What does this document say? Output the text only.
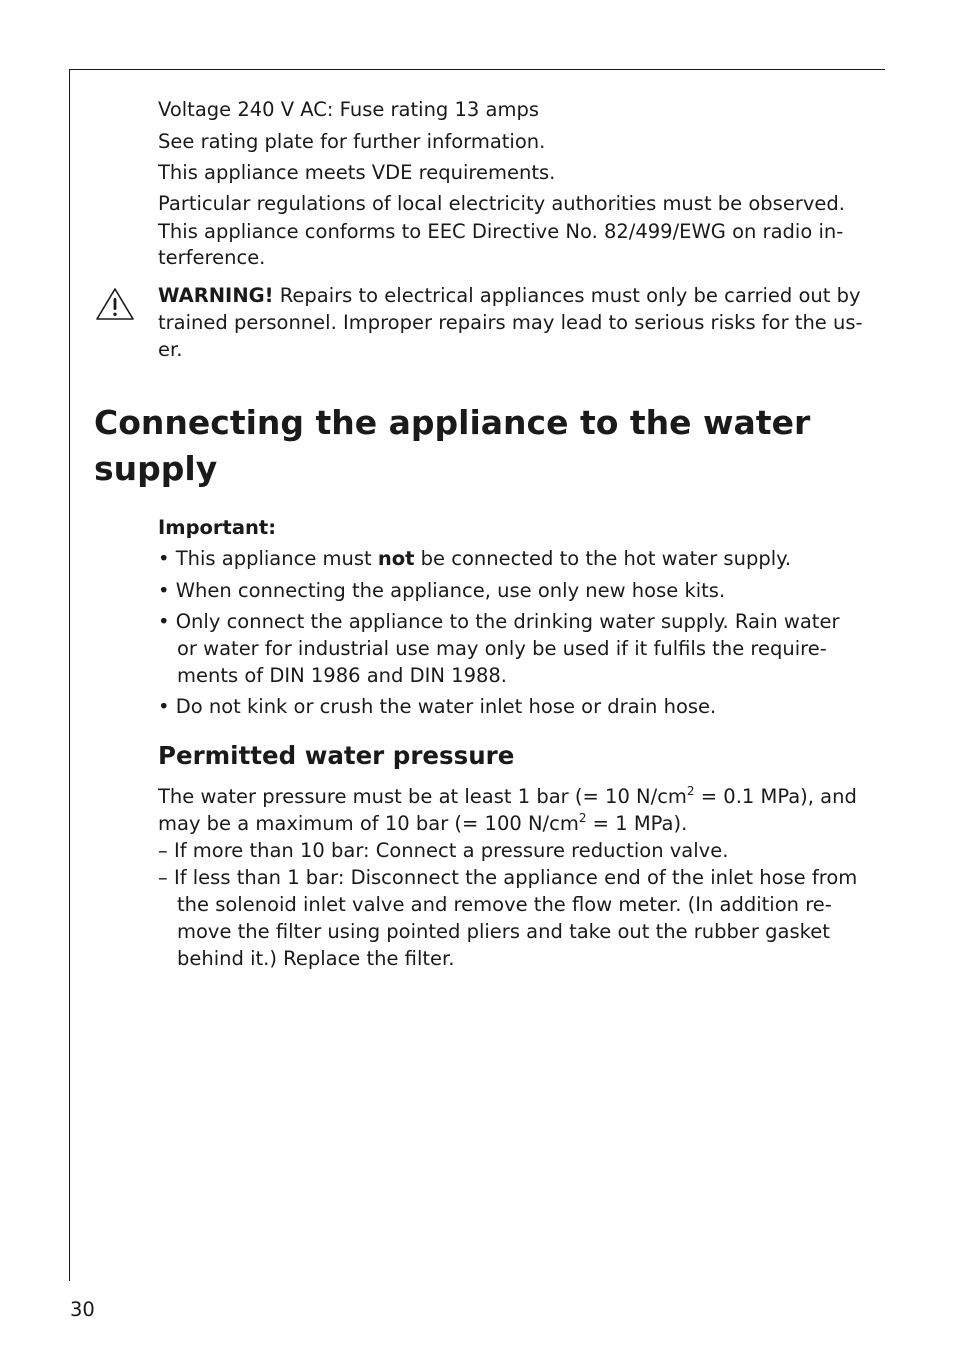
Voltage 240 V AC: Fuse rating 13 amps
See rating plate for further information.
This appliance meets VDE requirements.
Particular regulations of local electricity authorities must be observed.
This appliance conforms to EEC Directive No. 82/499/EWG on radio in-
terference.
WARNING! Repairs to electrical appliances must only be carried out by
trained personnel. Improper repairs may lead to serious risks for the us-
er.
Connecting the appliance to the water
supply
Important:
• This appliance must not be connected to the hot water supply.
• When connecting the appliance, use only new hose kits.
• Only connect the appliance to the drinking water supply. Rain water
or water for industrial use may only be used if it fulfils the require-
ments of DIN 1986 and DIN 1988.
• Do not kink or crush the water inlet hose or drain hose.
Permitted water pressure
The water pressure must be at least 1 bar (= 10 $N/cm^2 = 0.1$ MPa), and
may be a maximum of 10 bar (= 100 $N/cm^2 = 1$ MPa).
– If more than 10 bar: Connect a pressure reduction valve.
– If less than 1 bar: Disconnect the appliance end of the inlet hose from
the solenoid inlet valve and remove the flow meter. (In addition re-
move the filter using pointed pliers and take out the rubber gasket
behind it.) Replace the filter.
30
